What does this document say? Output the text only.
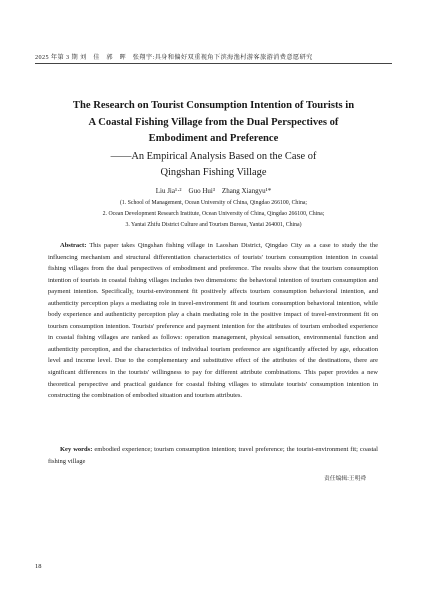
2025 年第 3 期 刘　佳　郭　晖　张翔宇:具身和偏好双重视角下滨海渔村游客旅游消费意愿研究
The Research on Tourist Consumption Intention of Tourists in
A Coastal Fishing Village from the Dual Perspectives of
Embodiment and Preference
——An Empirical Analysis Based on the Case of
Qingshan Fishing Village
Liu Jia¹·²　Guo Hui³　Zhang Xiangyu¹*
(1. School of Management, Ocean University of China, Qingdao 266100, China;
2. Ocean Development Research Institute, Ocean University of China, Qingdao 266100, China;
3. Yantai Zhifu District Culture and Tourism Bureau, Yantai 264001, China)

Abstract: This paper takes Qingshan fishing village in Laoshan District, Qingdao City as a case to study the the influencing mechanism and structural differentiation characteristics of tourists' tourism consumption intention in coastal fishing villages from the dual perspectives of embodiment and preference. The results show that the tourism consumption intention of tourists in coastal fishing villages includes two dimensions: the behavioral intention of tourism consumption and payment intention. Specifically, tourist-environment fit positively affects tourism consumption behavioral intention, and authenticity perception plays a mediating role in travel-environment fit and tourism consumption behavioral intention, while body experience and authenticity perception play a chain mediating role in the positive impact of travel-environment fit on tourism consumption intention. Tourists' preference and payment intention for the attributes of tourism embodied experience in coastal fishing villages are ranked as follows: operation management, physical sensation, environmental function and authenticity perception, and the characteristics of individual tourism preference are significantly affected by age, education level and income level. Due to the complementary and substitutive effect of the attributes of the destinations, there are significant differences in the tourists' willingness to pay for different attribute combinations. This paper provides a new theoretical perspective and practical guidance for coastal fishing villages to stimulate tourists' consumption intention in constructing the combination of embodied situation and tourism attributes.

Key words: embodied experience; tourism consumption intention; travel preference; the tourist-environment fit; coastal fishing village

责任编辑:王明舜
18
